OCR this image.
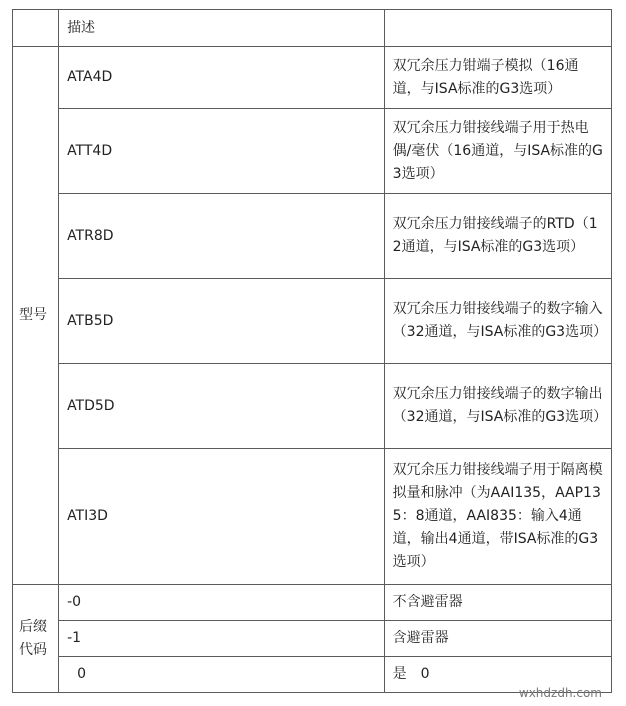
	描述	
型号	ATA4D	双冗余压力钳端子模拟（16通道，与ISA标准的G3选项）
	ATT4D	双冗余压力钳接线端子用于热电偶/毫伏（16通道，与ISA标准的G3选项）
	ATR8D	双冗余压力钳接线端子的RTD（12通道，与ISA标准的G3选项）
	ATB5D	双冗余压力钳接线端子的数字输入（32通道，与ISA标准的G3选项）
	ATD5D	双冗余压力钳接线端子的数字输出（32通道，与ISA标准的G3选项）
	ATI3D	双冗余压力钳接线端子用于隔离模拟量和脉冲（为AAI135，AAP135：8通道，AAI835：输入4通道，输出4通道，带ISA标准的G3选项）

后缀
代码	-0	不含避雷器
	-1	含避雷器
	0	是　0
wxhdzdh.com
